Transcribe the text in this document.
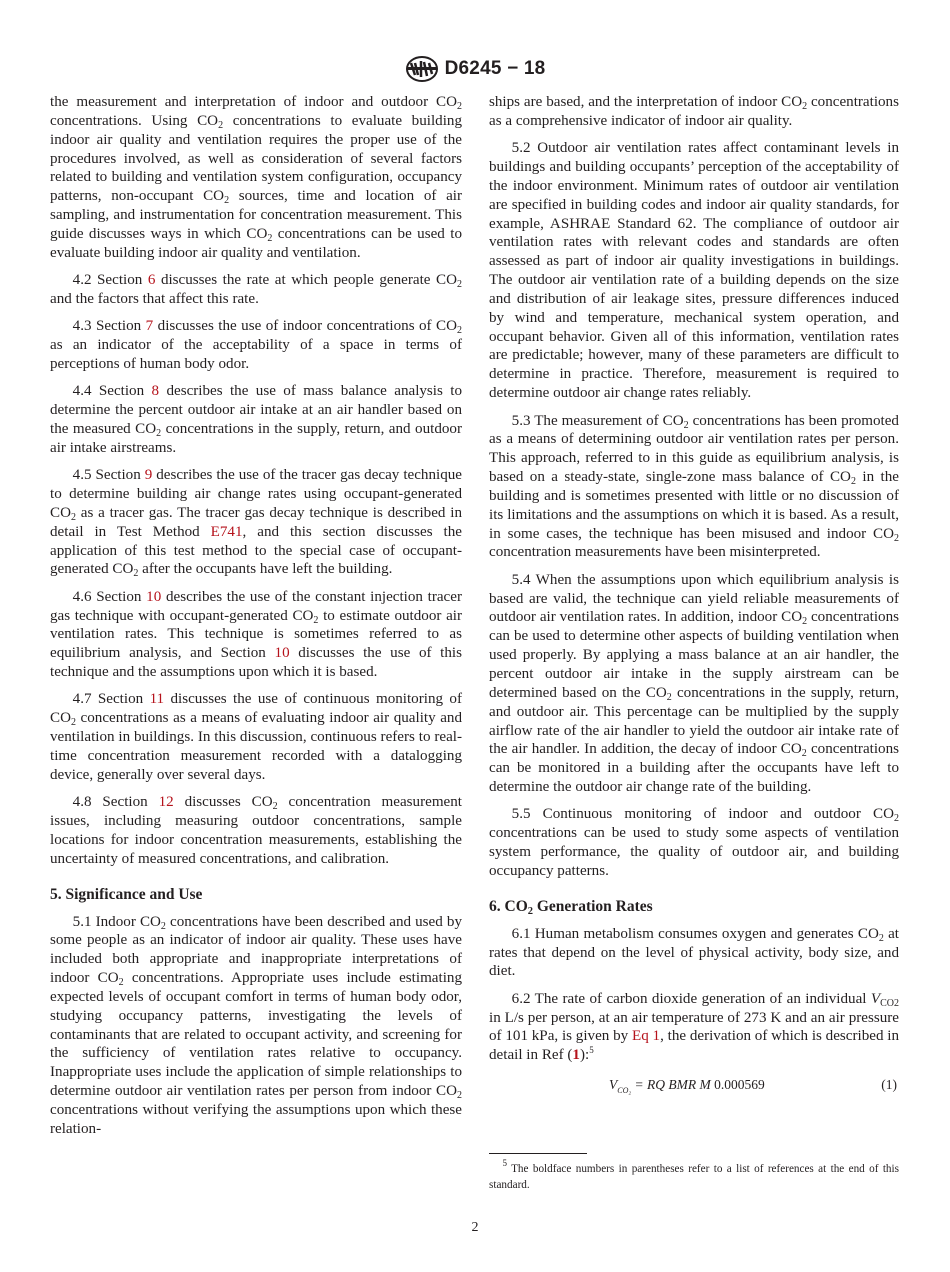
D6245 − 18

the measurement and interpretation of indoor and outdoor $CO_2$ concentrations. Using $CO_2$ concentrations to evaluate building indoor air quality and ventilation requires the proper use of the procedures involved, as well as consideration of several factors related to building and ventilation system configuration, occupancy patterns, non-occupant $CO_2$ sources, time and location of air sampling, and instrumentation for concentration measurement. This guide discusses ways in which $CO_2$ concentrations can be used to evaluate building indoor air quality and ventilation.

4.2 Section 6 discusses the rate at which people generate $CO_2$ and the factors that affect this rate.

4.3 Section 7 discusses the use of indoor concentrations of $CO_2$ as an indicator of the acceptability of a space in terms of perceptions of human body odor.

4.4 Section 8 describes the use of mass balance analysis to determine the percent outdoor air intake at an air handler based on the measured $CO_2$ concentrations in the supply, return, and outdoor air intake airstreams.

4.5 Section 9 describes the use of the tracer gas decay technique to determine building air change rates using occupant-generated $CO_2$ as a tracer gas. The tracer gas decay technique is described in detail in Test Method E741, and this section discusses the application of this test method to the special case of occupant-generated $CO_2$ after the occupants have left the building.

4.6 Section 10 describes the use of the constant injection tracer gas technique with occupant-generated $CO_2$ to estimate outdoor air ventilation rates. This technique is sometimes referred to as equilibrium analysis, and Section 10 discusses the use of this technique and the assumptions upon which it is based.

4.7 Section 11 discusses the use of continuous monitoring of $CO_2$ concentrations as a means of evaluating indoor air quality and ventilation in buildings. In this discussion, continuous refers to real-time concentration measurement recorded with a datalogging device, generally over several days.

4.8 Section 12 discusses $CO_2$ concentration measurement issues, including measuring outdoor concentrations, sample locations for indoor concentration measurements, establishing the uncertainty of measured concentrations, and calibration.

5. Significance and Use

5.1 Indoor $CO_2$ concentrations have been described and used by some people as an indicator of indoor air quality. These uses have included both appropriate and inappropriate interpretations of indoor $CO_2$ concentrations. Appropriate uses include estimating expected levels of occupant comfort in terms of human body odor, studying occupancy patterns, investigating the levels of contaminants that are related to occupant activity, and screening for the sufficiency of ventilation rates relative to occupancy. Inappropriate uses include the application of simple relationships to determine outdoor air ventilation rates per person from indoor $CO_2$ concentrations without verifying the assumptions upon which these relation-

ships are based, and the interpretation of indoor $CO_2$ concentrations as a comprehensive indicator of indoor air quality.

5.2 Outdoor air ventilation rates affect contaminant levels in buildings and building occupants’ perception of the acceptability of the indoor environment. Minimum rates of outdoor air ventilation are specified in building codes and indoor air quality standards, for example, ASHRAE Standard 62. The compliance of outdoor air ventilation rates with relevant codes and standards are often assessed as part of indoor air quality investigations in buildings. The outdoor air ventilation rate of a building depends on the size and distribution of air leakage sites, pressure differences induced by wind and temperature, mechanical system operation, and occupant behavior. Given all of this information, ventilation rates are predictable; however, many of these parameters are difficult to determine in practice. Therefore, measurement is required to determine outdoor air change rates reliably.

5.3 The measurement of $CO_2$ concentrations has been promoted as a means of determining outdoor air ventilation rates per person. This approach, referred to in this guide as equilibrium analysis, is based on a steady-state, single-zone mass balance of $CO_2$ in the building and is sometimes presented with little or no discussion of its limitations and the assumptions on which it is based. As a result, in some cases, the technique has been misused and indoor $CO_2$ concentration measurements have been misinterpreted.

5.4 When the assumptions upon which equilibrium analysis is based are valid, the technique can yield reliable measurements of outdoor air ventilation rates. In addition, indoor $CO_2$ concentrations can be used to determine other aspects of building ventilation when used properly. By applying a mass balance at an air handler, the percent outdoor air intake in the supply airstream can be determined based on the $CO_2$ concentrations in the supply, return, and outdoor air. This percentage can be multiplied by the supply airflow rate of the air handler to yield the outdoor air intake rate of the air handler. In addition, the decay of indoor $CO_2$ concentrations can be monitored in a building after the occupants have left to determine the outdoor air change rate of the building.

5.5 Continuous monitoring of indoor and outdoor $CO_2$ concentrations can be used to study some aspects of ventilation system performance, the quality of outdoor air, and building occupancy patterns.

6. $CO_2$ Generation Rates

6.1 Human metabolism consumes oxygen and generates $CO_2$ at rates that depend on the level of physical activity, body size, and diet.

6.2 The rate of carbon dioxide generation of an individual $V_{CO2}$ in L/s per person, at an air temperature of 273 K and an air pressure of 101 kPa, is given by Eq 1, the derivation of which is described in detail in Ref (1):$^5$

$V_{CO_2}$ = RQ BMR M 0.000569	(1)
$^5$ The boldface numbers in parentheses refer to a list of references at the end of this standard.
2
